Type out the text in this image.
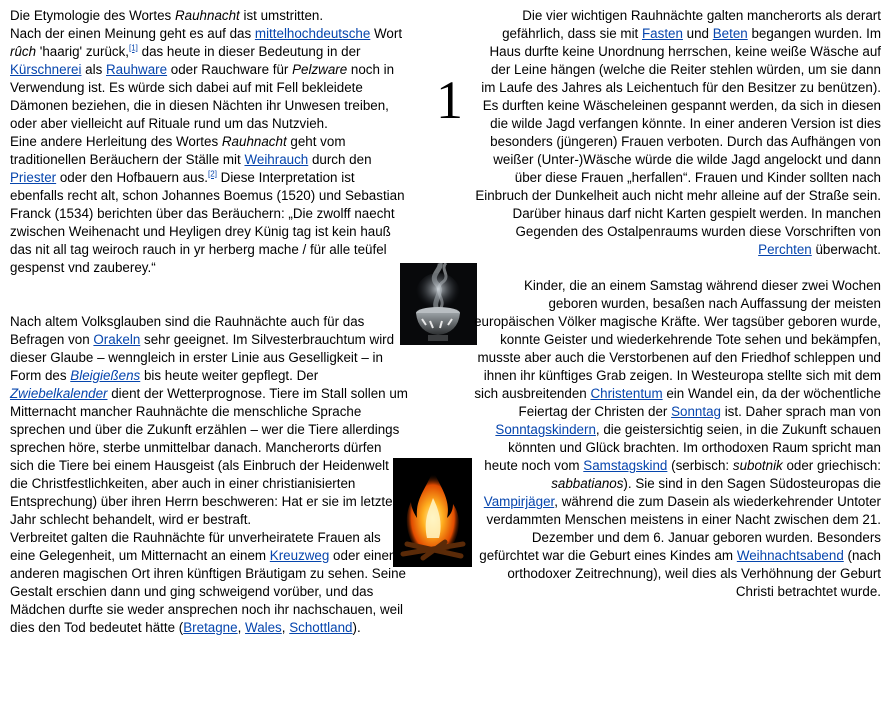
1

Die Etymologie des Wortes Rauhnacht ist umstritten.

Nach der einen Meinung geht es auf das mittelhochdeutsche Wort rûch 'haarig' zurück,[1] das heute in dieser Bedeutung in der Kürschnerei als Rauhware oder Rauchware für Pelzware noch in Verwendung ist. Es würde sich dabei auf mit Fell bekleidete Dämonen beziehen, die in diesen Nächten ihr Unwesen treiben, oder aber vielleicht auf Rituale rund um das Nutzvieh.

Eine andere Herleitung des Wortes Rauhnacht geht vom traditionellen Beräuchern der Ställe mit Weihrauch durch den Priester oder den Hofbauern aus.[2] Diese Interpretation ist ebenfalls recht alt, schon Johannes Boemus (1520) und Sebastian Franck (1534) berichten über das Beräuchern: „Die zwolff naecht zwischen Weihenacht und Heyligen drey Künig tag ist kein hauß das nit all tag weiroch rauch in yr herberg mache / für alle teüfel gespenst vnd zauberey.“

Nach altem Volksglauben sind die Rauhnächte auch für das Befragen von Orakeln sehr geeignet. Im Silvesterbrauchtum wird dieser Glaube – wenngleich in erster Linie aus Geselligkeit – in Form des Bleigießens bis heute weiter gepflegt. Der Zwiebelkalender dient der Wetterprognose. Tiere im Stall sollen um Mitternacht mancher Rauhnächte die menschliche Sprache sprechen und über die Zukunft erzählen – wer die Tiere allerdings sprechen höre, sterbe unmittelbar danach. Mancherorts dürfen sich die Tiere bei einem Hausgeist (als Einbruch der Heidenwelt in die Christfestlichkeiten, aber auch in einer christianisierten Entsprechung) über ihren Herrn beschweren: Hat er sie im letzten Jahr schlecht behandelt, wird er bestraft.

Verbreitet galten die Rauhnächte für unverheiratete Frauen als eine Gelegenheit, um Mitternacht an einem Kreuzweg oder einem anderen magischen Ort ihren künftigen Bräutigam zu sehen. Seine Gestalt erschien dann und ging schweigend vorüber, und das Mädchen durfte sie weder ansprechen noch ihr nachschauen, weil dies den Tod bedeutet hätte (Bretagne, Wales, Schottland).

Die vier wichtigen Rauhnächte galten mancherorts als derart gefährlich, dass sie mit Fasten und Beten begangen wurden. Im Haus durfte keine Unordnung herrschen, keine weiße Wäsche auf der Leine hängen (welche die Reiter stehlen würden, um sie dann im Laufe des Jahres als Leichentuch für den Besitzer zu benützen). Es durften keine Wäscheleinen gespannt werden, da sich in diesen die wilde Jagd verfangen könnte. In einer anderen Version ist dies besonders (jüngeren) Frauen verboten. Durch das Aufhängen von weißer (Unter-)Wäsche würde die wilde Jagd angelockt und dann über diese Frauen „herfallen“. Frauen und Kinder sollten nach Einbruch der Dunkelheit auch nicht mehr alleine auf der Straße sein. Darüber hinaus darf nicht Karten gespielt werden. In manchen Gegenden des Ostalpenraums wurden diese Vorschriften von Perchten überwacht.

Kinder, die an einem Samstag während dieser zwei Wochen geboren wurden, besaßen nach Auffassung der meisten europäischen Völker magische Kräfte. Wer tagsüber geboren wurde, konnte Geister und wiederkehrende Tote sehen und bekämpfen, musste aber auch die Verstorbenen auf den Friedhof schleppen und ihnen ihr künftiges Grab zeigen. In Westeuropa stellte sich mit dem sich ausbreitenden Christentum ein Wandel ein, da der wöchentliche Feiertag der Christen der Sonntag ist. Daher sprach man von Sonntagskindern, die geistersichtig seien, in die Zukunft schauen könnten und Glück brachten. Im orthodoxen Raum spricht man heute noch vom Samstagskind (serbisch: subotnik oder griechisch: sabbatianos). Sie sind in den Sagen Südosteuropas die Vampirjäger, während die zum Dasein als wiederkehrender Untoter verdammten Menschen meistens in einer Nacht zwischen dem 21. Dezember und dem 6. Januar geboren wurden. Besonders gefürchtet war die Geburt eines Kindes am Weihnachtsabend (nach orthodoxer Zeitrechnung), weil dies als Verhöhnung der Geburt Christi betrachtet wurde.
